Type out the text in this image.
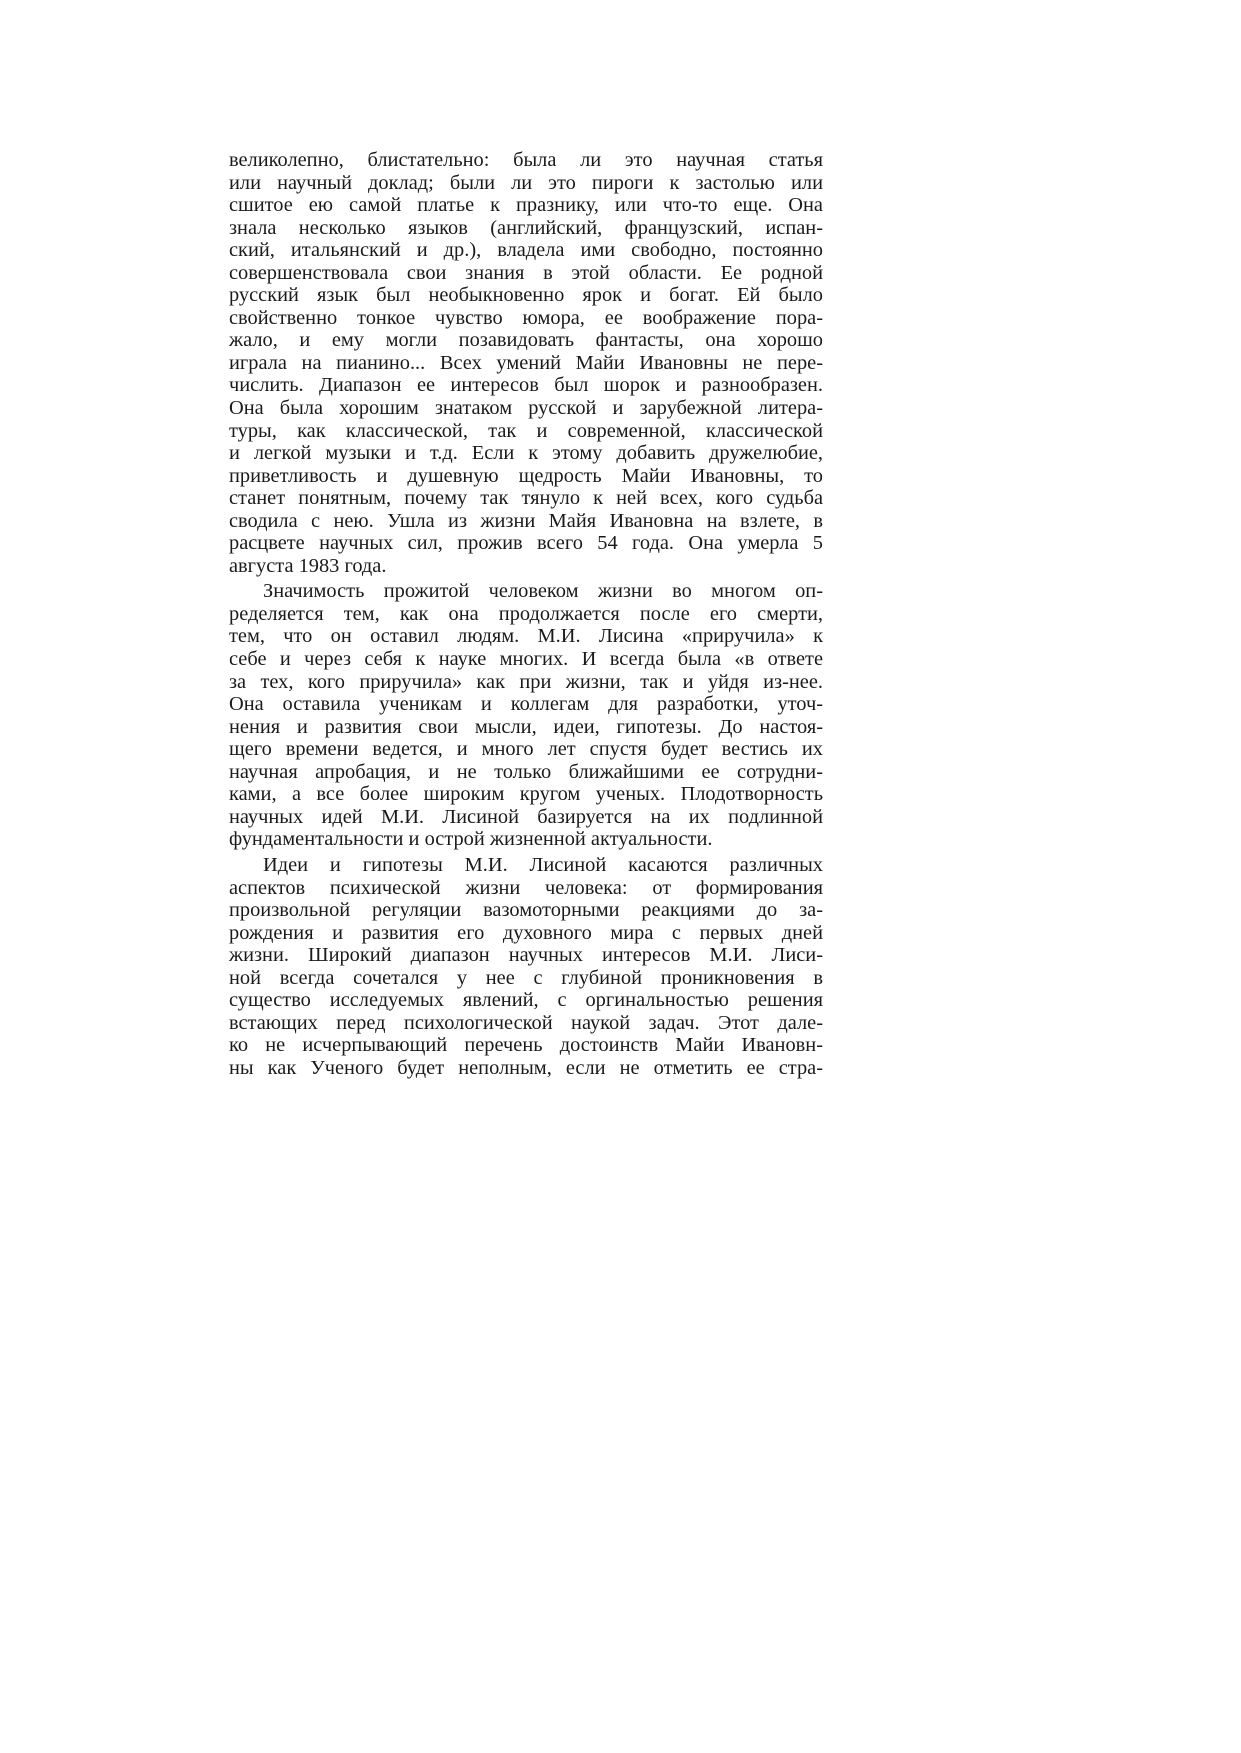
великолепно, блистательно: была ли это научная статья
или научный доклад; были ли это пироги к застолью или
сшитое ею самой платье к празнику, или что-то еще. Она
знала несколько языков (английский, французский, испан-
ский, итальянский и др.), владела ими свободно, постоянно
совершенствовала свои знания в этой области. Ее родной
русский язык был необыкновенно ярок и богат. Ей было
свойственно тонкое чувство юмора, ее воображение пора-
жало, и ему могли позавидовать фантасты, она хорошо
играла на пианино... Всех умений Майи Ивановны не пере-
числить. Диапазон ее интересов был шорок и разнообразен.
Она была хорошим знатаком русской и зарубежной литера-
туры, как классической, так и современной, классической
и легкой музыки и т.д. Если к этому добавить дружелюбие,
приветливость и душевную щедрость Майи Ивановны, то
станет понятным, почему так тянуло к ней всех, кого судьба
сводила с нею. Ушла из жизни Майя Ивановна на взлете, в
расцвете научных сил, прожив всего 54 года. Она умерла 5
августа 1983 года.
Значимость прожитой человеком жизни во многом оп-
ределяется тем, как она продолжается после его смерти,
тем, что он оставил людям. М.И. Лисина «приручила» к
себе и через себя к науке многих. И всегда была «в ответе
за тех, кого приручила» как при жизни, так и уйдя из-нее.
Она оставила ученикам и коллегам для разработки, уточ-
нения и развития свои мысли, идеи, гипотезы. До настоя-
щего времени ведется, и много лет спустя будет вестись их
научная апробация, и не только ближайшими ее сотрудни-
ками, а все более широким кругом ученых. Плодотворность
научных идей М.И. Лисиной базируется на их подлинной
фундаментальности и острой жизненной актуальности.
Идеи и гипотезы М.И. Лисиной касаются различных
аспектов психической жизни человека: от формирования
произвольной регуляции вазомоторными реакциями до за-
рождения и развития его духовного мира с первых дней
жизни. Широкий диапазон научных интересов М.И. Лиси-
ной всегда сочетался у нее с глубиной проникновения в
существо исследуемых явлений, с оргинальностью решения
встающих перед психологической наукой задач. Этот дале-
ко не исчерпывающий перечень достоинств Майи Ивановн-
ны как Ученого будет неполным, если не отметить ее стра-
